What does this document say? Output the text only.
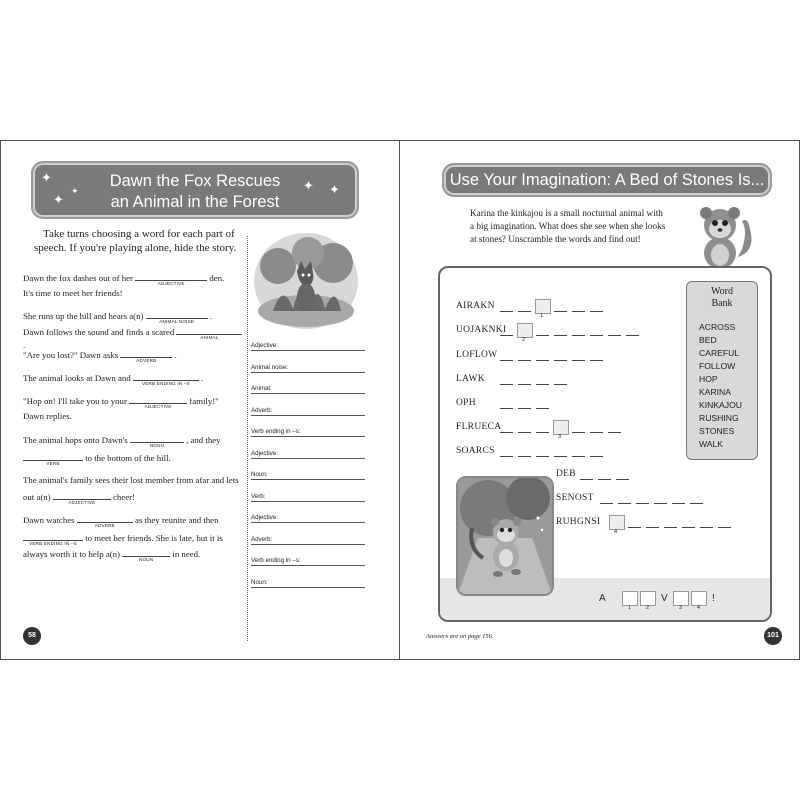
✦
✦
✦
✦ ✦
Dawn the Fox Rescues
an Animal in the Forest
Take turns choosing a word for each part of
speech. If you're playing alone, hide the story.
58
Dawn the fox dashes out of her
ADJECTIVE
den.
It's time to meet her friends!
She runs up the hill and hears a(n)
ANIMAL NOISE
.
Dawn follows the sound and finds a scared
ANIMAL
.
"Are you lost?" Dawn asks
ADVERB
.
The animal looks at Dawn and
VERB ENDING IN –S
.
"Hop on! I'll take you to your
ADJECTIVE
family!"
Dawn replies.
The animal hops onto Dawn's
NOUN
, and they
VERB
to the bottom of the hill.
The animal's family sees their lost member from afar and lets
out a(n)
ADJECTIVE
cheer!
Dawn watches
ADVERB
as they reunite and then
VERB ENDING IN –S
to meet her friends. She is late, but it is
always worth it to help a(n)
NOUN
in need.
Adjective:
Animal noise:
Animal:
Adverb:
Verb ending in –s:
Adjective:
Noun:
Verb:
Adjective:
Adverb:
Verb ending in –s:
Noun:
Use Your Imagination: A Bed of Stones Is...
Karina the kinkajou is a small nocturnal animal with
a big imagination. What does she see when she looks
at stones? Unscramble the words and find out!
Word
Bank
ACROSS
BED
CAREFUL
FOLLOW
HOP
KARINA
KINKAJOU
RUSHING
STONES
WALK
Answers are on page 156.	101
AIRAKN
1
UOJAKNKI
2
LOFLOW
LAWK
OPH
FLRUECA
3
SOARCS
DEB
SENOST
RUHGNSI
4
A
1	2
V
3	4
!
